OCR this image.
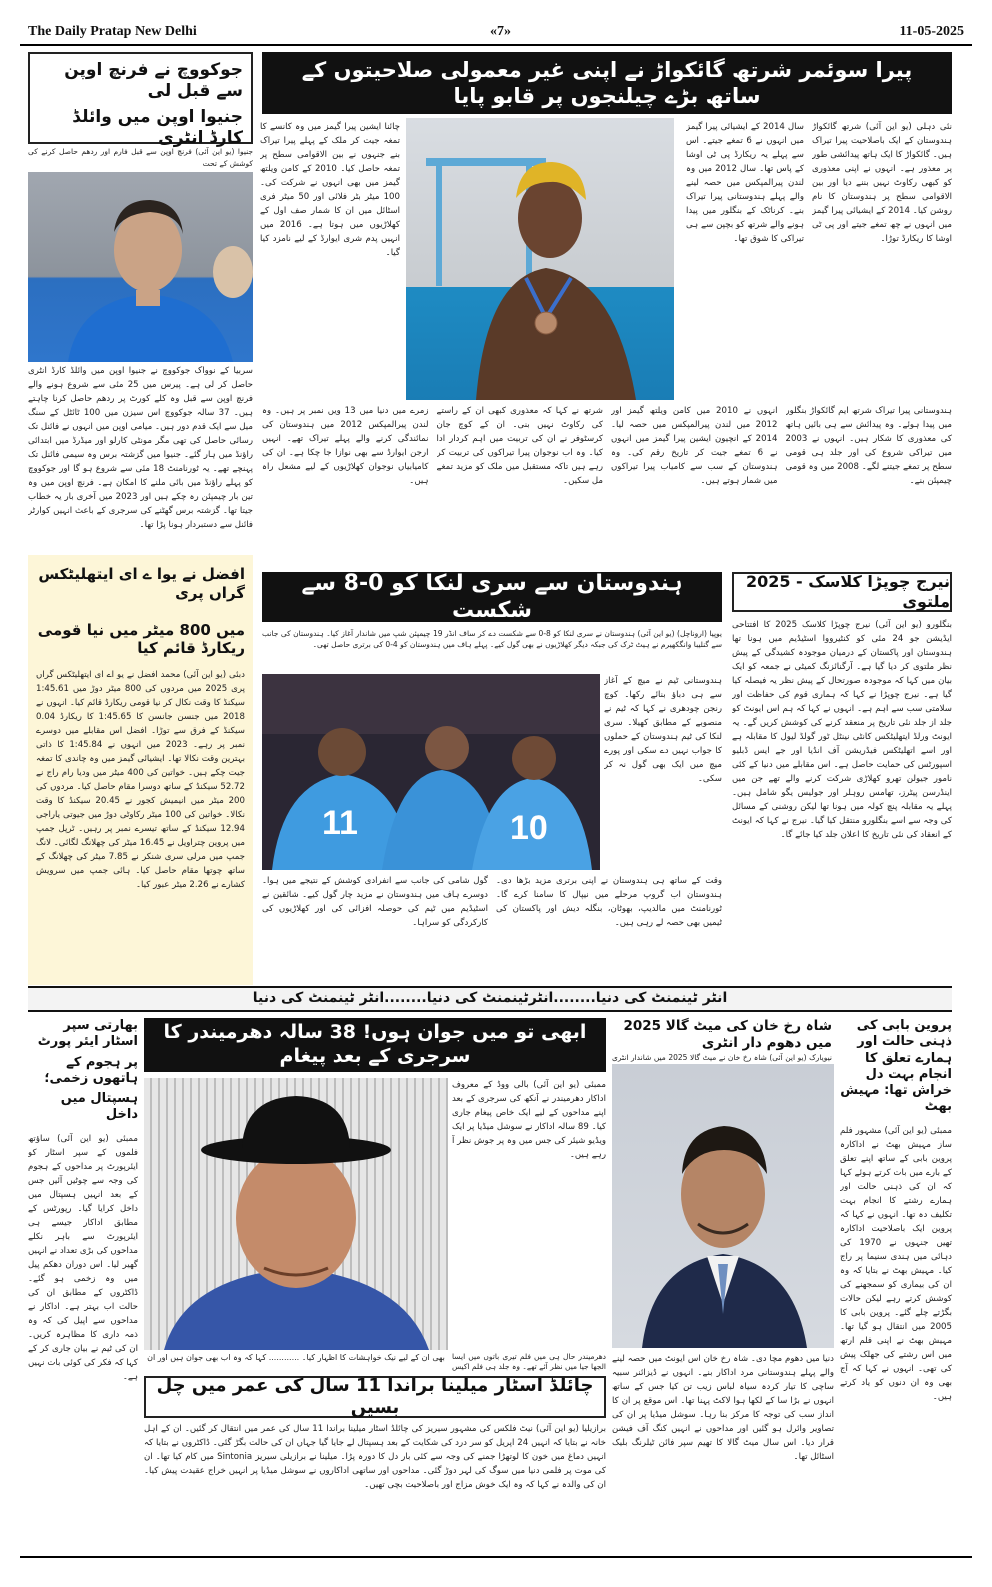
The Daily Pratap New Delhi	«7»	11-05-2025
جوکووچ نے فرنچ اوپن سے قبل لی
جنیوا اوپن میں وائلڈ کارڈ انٹری
جنیوا (یو این آئی) فرنچ اوپن سے قبل فارم اور ردھم حاصل کرنے کی کوشش کے تحت
سربیا کے نوواک جوکووچ نے جنیوا اوپن میں وائلڈ کارڈ انٹری حاصل کر لی ہے۔ پیرس میں 25 مئی سے شروع ہونے والے فرنچ اوپن سے قبل وہ کلے کورٹ پر ردھم حاصل کرنا چاہتے ہیں۔ 37 سالہ جوکووچ اس سیزن میں 100 ٹائٹل کے سنگ میل سے ایک قدم دور ہیں۔ میامی اوپن میں انہوں نے فائنل تک رسائی حاصل کی تھی مگر مونٹی کارلو اور میڈرڈ میں ابتدائی راؤنڈ میں ہار گئے۔ جنیوا میں گزشتہ برس وہ سیمی فائنل تک پہنچے تھے۔ یہ ٹورنامنٹ 18 مئی سے شروع ہو گا اور جوکووچ کو پہلے راؤنڈ میں بائی ملنے کا امکان ہے۔ فرنچ اوپن میں وہ تین بار چیمپئن رہ چکے ہیں اور 2023 میں آخری بار یہ خطاب جیتا تھا۔ گزشتہ برس گھٹنے کی سرجری کے باعث انہیں کوارٹر فائنل سے دستبردار ہونا پڑا تھا۔
افضل نے یوا ے ای ایتھلیٹکس گراں پری
میں 800 میٹر میں نیا قومی ریکارڈ قائم کیا
دبئی (یو این آئی) محمد افضل نے یو اے ای ایتھلیٹکس گراں پری 2025 میں مردوں کی 800 میٹر دوڑ میں 1:45.61 سیکنڈ کا وقت نکال کر نیا قومی ریکارڈ قائم کیا۔ انہوں نے 2018 میں جنسن جانسن کا 1:45.65 کا ریکارڈ 0.04 سیکنڈ کے فرق سے توڑا۔ افضل اس مقابلے میں دوسرے نمبر پر رہے۔ 2023 میں انہوں نے 1:45.84 کا ذاتی بہترین وقت نکالا تھا۔ ایشیائی گیمز میں وہ چاندی کا تمغہ جیت چکے ہیں۔ خواتین کی 400 میٹر میں ودیا رام راج نے 52.72 سیکنڈ کے ساتھ دوسرا مقام حاصل کیا۔ مردوں کی 200 میٹر میں انیمیش کجور نے 20.45 سیکنڈ کا وقت نکالا۔ خواتین کی 100 میٹر رکاوٹی دوڑ میں جیوتی یاراجی 12.94 سیکنڈ کے ساتھ تیسرے نمبر پر رہیں۔ ٹرپل جمپ میں پروین چتراویل نے 16.45 میٹر کی چھلانگ لگائی۔ لانگ جمپ میں مرلی سری شنکر نے 7.85 میٹر کی چھلانگ کے ساتھ چوتھا مقام حاصل کیا۔ ہائی جمپ میں سرویش کشارے نے 2.26 میٹر عبور کیا۔
پیرا سوئمر شرتھ گائکواڑ نے اپنی غیر معمولی صلاحیتوں کے ساتھ بڑے چیلنجوں پر قابو پایا
نئی دہلی (یو این آئی) شرتھ گائکواڑ ہندوستان کے ایک باصلاحیت پیرا تیراک ہیں۔ گائکواڑ کا ایک ہاتھ پیدائشی طور پر معذور ہے۔ انہوں نے اپنی معذوری کو کبھی رکاوٹ نہیں بننے دیا اور بین الاقوامی سطح پر ہندوستان کا نام روشن کیا۔ 2014 کے ایشیائی پیرا گیمز میں انہوں نے چھ تمغے جیتے اور پی ٹی اوشا کا ریکارڈ توڑا۔
سال 2014 کے ایشیائی پیرا گیمز میں انہوں نے 6 تمغے جیتے۔ اس سے پہلے یہ ریکارڈ پی ٹی اوشا کے پاس تھا۔ سال 2012 میں وہ لندن پیرالمپکس میں حصہ لینے والے پہلے ہندوستانی پیرا تیراک بنے۔ کرناٹک کے بنگلور میں پیدا ہونے والے شرتھ کو بچپن سے ہی تیراکی کا شوق تھا۔
چائنا ایشین پیرا گیمز میں وہ کانسے کا تمغہ جیت کر ملک کے پہلے پیرا تیراک بنے جنہوں نے بین الاقوامی سطح پر تمغہ حاصل کیا۔ 2010 کے کامن ویلتھ گیمز میں بھی انہوں نے شرکت کی۔ 100 میٹر بٹر فلائی اور 50 میٹر فری اسٹائل میں ان کا شمار صف اول کے کھلاڑیوں میں ہوتا ہے۔ 2016 میں انہیں پدم شری ایوارڈ کے لیے نامزد کیا گیا۔
ہندوستانی پیرا تیراک شرتھ ایم گائکواڑ بنگلور میں پیدا ہوئے۔ وہ پیدائش سے ہی بائیں ہاتھ کی معذوری کا شکار ہیں۔ انہوں نے 2003 میں تیراکی شروع کی اور جلد ہی قومی سطح پر تمغے جیتنے لگے۔ 2008 میں وہ قومی چیمپئن بنے۔
انہوں نے 2010 میں کامن ویلتھ گیمز اور 2012 میں لندن پیرالمپکس میں حصہ لیا۔ 2014 کے انچیون ایشین پیرا گیمز میں انہوں نے 6 تمغے جیت کر تاریخ رقم کی۔ وہ ہندوستان کے سب سے کامیاب پیرا تیراکوں میں شمار ہوتے ہیں۔
شرتھ نے کہا کہ معذوری کبھی ان کے راستے کی رکاوٹ نہیں بنی۔ ان کے کوچ جان کرسٹوفر نے ان کی تربیت میں اہم کردار ادا کیا۔ وہ اب نوجوان پیرا تیراکوں کی تربیت کر رہے ہیں تاکہ مستقبل میں ملک کو مزید تمغے مل سکیں۔
زمرے میں دنیا میں 13 ویں نمبر پر ہیں۔ وہ لندن پیرالمپکس 2012 میں ہندوستان کی نمائندگی کرنے والے پہلے تیراک تھے۔ انہیں ارجن ایوارڈ سے بھی نوازا جا چکا ہے۔ ان کی کامیابیاں نوجوان کھلاڑیوں کے لیے مشعل راہ ہیں۔
نیرج چوپڑا کلاسک - 2025 ملتوی
بنگلورو (یو این آئی) نیرج چوپڑا کلاسک 2025 کا افتتاحی ایڈیشن جو 24 مئی کو کنٹیرووا اسٹیڈیم میں ہونا تھا ہندوستان اور پاکستان کے درمیان موجودہ کشیدگی کے پیش نظر ملتوی کر دیا گیا ہے۔ آرگنائزنگ کمیٹی نے جمعہ کو ایک بیان میں کہا کہ موجودہ صورتحال کے پیش نظر یہ فیصلہ کیا گیا ہے۔ نیرج چوپڑا نے کہا کہ ہماری قوم کی حفاظت اور سلامتی سب سے اہم ہے۔ انہوں نے کہا کہ ہم اس ایونٹ کو جلد از جلد نئی تاریخ پر منعقد کرنے کی کوشش کریں گے۔ یہ ایونٹ ورلڈ ایتھلیٹکس کانٹی نینٹل ٹور گولڈ لیول کا مقابلہ ہے اور اسے اتھلیٹکس فیڈریشن آف انڈیا اور جے ایس ڈبلیو اسپورٹس کی حمایت حاصل ہے۔ اس مقابلے میں دنیا کے کئی نامور جیولن تھرو کھلاڑی شرکت کرنے والے تھے جن میں اینڈرسن پیٹرز، تھامس روہلر اور جولیس یگو شامل ہیں۔ پہلے یہ مقابلہ پنچ کولہ میں ہونا تھا لیکن روشنی کے مسائل کی وجہ سے اسے بنگلورو منتقل کیا گیا۔ نیرج نے کہا کہ ایونٹ کے انعقاد کی نئی تاریخ کا اعلان جلد کیا جائے گا۔
ہندوستان سے سری لنکا کو 0-8 سے شکست
یوپیا (اروناچل) (یو این آئی) ہندوستان نے سری لنکا کو 8-0 سے شکست دے کر ساف انڈر 19 چیمپئن شپ میں شاندار آغاز کیا۔ ہندوستان کی جانب سے گنلیبا وانگکھیرم نے ہیٹ ٹرک کی جبکہ دیگر کھلاڑیوں نے بھی گول کیے۔ پہلے ہاف میں ہندوستان کو 4-0 کی برتری حاصل تھی۔
11	10
ہندوستانی ٹیم نے میچ کے آغاز سے ہی دباؤ بنائے رکھا۔ کوچ رنجن چودھری نے کہا کہ ٹیم نے منصوبے کے مطابق کھیلا۔ سری لنکا کی ٹیم ہندوستان کے حملوں کا جواب نہیں دے سکی اور پورے میچ میں ایک بھی گول نہ کر سکی۔
وقت کے ساتھ ہی ہندوستان نے اپنی برتری مزید بڑھا دی۔ ہندوستان اب گروپ مرحلے میں نیپال کا سامنا کرے گا۔ ٹورنامنٹ میں مالدیپ، بھوٹان، بنگلہ دیش اور پاکستان کی ٹیمیں بھی حصہ لے رہی ہیں۔
گول شامی کی جانب سے انفرادی کوشش کے نتیجے میں ہوا۔ دوسرے ہاف میں ہندوستان نے مزید چار گول کیے۔ شائقین نے اسٹیڈیم میں ٹیم کی حوصلہ افزائی کی اور کھلاڑیوں کی کارکردگی کو سراہا۔
انٹر ٹینمنٹ کی دنیا........انٹرٹینمنٹ کی دنیا........انٹر ٹینمنٹ کی دنیا
پروین بابی کی ذہنی حالت اور ہمارے تعلق کا انجام بہت دل خراش تھا: مہیش بھٹ
ممبئی (یو این آئی) مشہور فلم ساز مہیش بھٹ نے اداکارہ پروین بابی کے ساتھ اپنے تعلق کے بارے میں بات کرتے ہوئے کہا کہ ان کی ذہنی حالت اور ہمارے رشتے کا انجام بہت تکلیف دہ تھا۔ انہوں نے کہا کہ پروین ایک باصلاحیت اداکارہ تھیں جنہوں نے 1970 کی دہائی میں ہندی سنیما پر راج کیا۔ مہیش بھٹ نے بتایا کہ وہ ان کی بیماری کو سمجھنے کی کوشش کرتے رہے لیکن حالات بگڑتے چلے گئے۔ پروین بابی کا 2005 میں انتقال ہو گیا تھا۔ مہیش بھٹ نے اپنی فلم ارتھ میں اس رشتے کی جھلک پیش کی تھی۔ انہوں نے کہا کہ آج بھی وہ ان دنوں کو یاد کرتے ہیں۔
شاہ رخ خان کی میٹ گالا 2025 میں دھوم دار انٹری
نیویارک (یو این آئی) شاہ رخ خان نے میٹ گالا 2025 میں شاندار انٹری
دنیا میں دھوم مچا دی۔ شاہ رخ خان اس ایونٹ میں حصہ لینے والے پہلے ہندوستانی مرد اداکار بنے۔ انہوں نے ڈیزائنر سبیہ ساچی کا تیار کردہ سیاہ لباس زیب تن کیا جس کے ساتھ انہوں نے بڑا سا کے لکھا ہوا لاکٹ پہنا تھا۔ اس موقع پر ان کا انداز سب کی توجہ کا مرکز بنا رہا۔ سوشل میڈیا پر ان کی تصاویر وائرل ہو گئیں اور مداحوں نے انہیں کنگ آف فیشن قرار دیا۔ اس سال میٹ گالا کا تھیم سپر فائن ٹیلرنگ بلیک اسٹائل تھا۔
ابھی تو میں جوان ہوں! 38 سالہ دھرمیندر کا سرجری کے بعد پیغام
ممبئی (یو این آئی) بالی ووڈ کے معروف اداکار دھرمیندر نے آنکھ کی سرجری کے بعد اپنے مداحوں کے لیے ایک خاص پیغام جاری کیا۔ 89 سالہ اداکار نے سوشل میڈیا پر ایک ویڈیو شیئر کی جس میں وہ پر جوش نظر آ رہے ہیں۔
بھی ان کے لیے نیک خواہشات کا اظہار کیا۔ ............ کہا کہ وہ اب بھی جوان ہیں اور ان	دھرمیندر حال ہی میں فلم تیری باتوں میں ایسا الجھا جیا میں نظر آئے تھے۔ وہ جلد ہی فلم اکیس
بھارتی سپر اسٹار ایئر پورٹ
پر ہجوم کے ہاتھوں زخمی؛
ہسپتال میں داخل
ممبئی (یو این آئی) ساؤتھ فلموں کے سپر اسٹار کو ایئرپورٹ پر مداحوں کے ہجوم کی وجہ سے چوٹیں آئیں جس کے بعد انہیں ہسپتال میں داخل کرایا گیا۔ رپورٹس کے مطابق اداکار جیسے ہی ایئرپورٹ سے باہر نکلے مداحوں کی بڑی تعداد نے انہیں گھیر لیا۔ اس دوران دھکم پیل میں وہ زخمی ہو گئے۔ ڈاکٹروں کے مطابق ان کی حالت اب بہتر ہے۔ اداکار نے مداحوں سے اپیل کی کہ وہ ذمہ داری کا مظاہرہ کریں۔ ان کی ٹیم نے بیان جاری کر کے کہا کہ فکر کی کوئی بات نہیں ہے۔	چائلڈ اسٹار میلینا براندا 11 سال کی عمر میں چل بسیں
برازیلیا (یو این آئی) نیٹ فلکس کی مشہور سیریز کی چائلڈ اسٹار میلینا براندا 11 سال کی عمر میں انتقال کر گئیں۔ ان کے اہل خانہ نے بتایا کہ انہیں 24 اپریل کو سر درد کی شکایت کے بعد ہسپتال لے جایا گیا جہاں ان کی حالت بگڑ گئی۔ ڈاکٹروں نے بتایا کہ انہیں دماغ میں خون کا لوتھڑا جمنے کی وجہ سے کئی بار دل کا دورہ پڑا۔ میلینا نے برازیلی سیریز Sintonia میں کام کیا تھا۔ ان کی موت پر فلمی دنیا میں سوگ کی لہر دوڑ گئی۔ مداحوں اور ساتھی اداکاروں نے سوشل میڈیا پر انہیں خراج عقیدت پیش کیا۔ ان کی والدہ نے کہا کہ وہ ایک خوش مزاج اور باصلاحیت بچی تھیں۔
